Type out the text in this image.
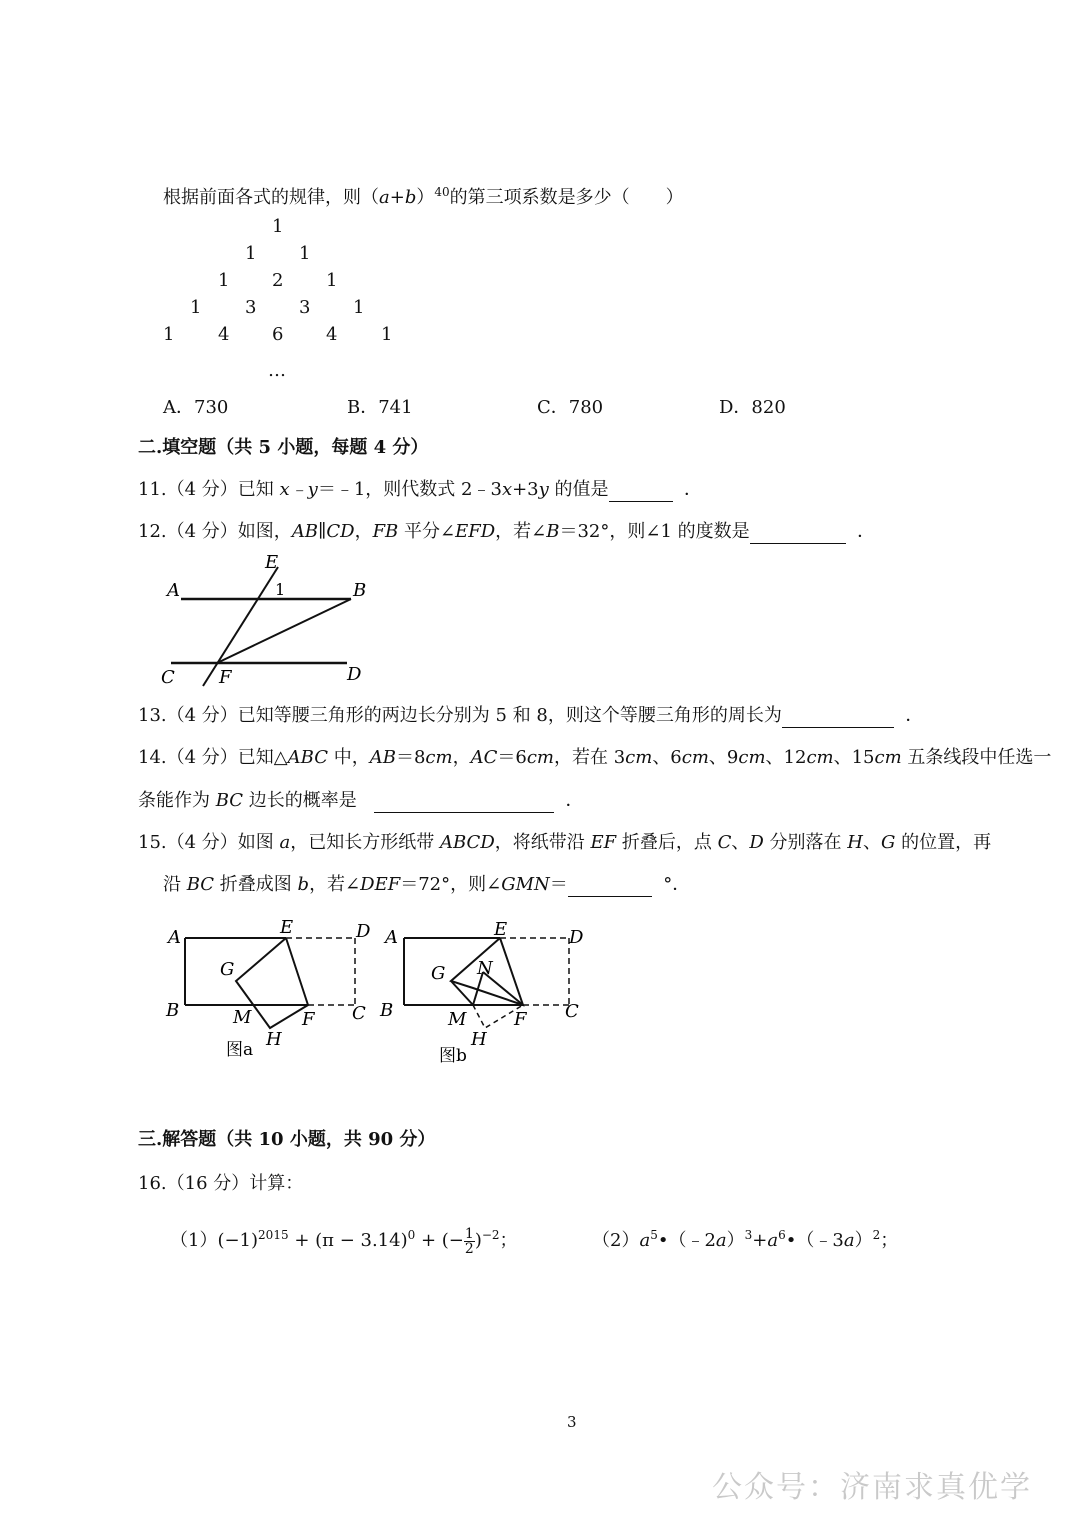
根据前面各式的规律，则$(a+b)^{40}$的第三项系数是多少（　　）
1
1 1
1 2 1
1 3 3 1
1 4 6 4 1
…
A．730	B．741	C．780	D．820
二.填空题（共 5 小题，每题 4 分）
11.（4 分）已知 x﹣y＝﹣1，则代数式 2﹣3x+3y 的值是	．
12.（4 分）如图，AB∥CD，FB 平分∠EFD，若∠B＝32°，则∠1 的度数是	．
A	B
C	D
E
F
1
13.（4 分）已知等腰三角形的两边长分别为 5 和 8，则这个等腰三角形的周长为	．
14.（4 分）已知△ABC 中，AB＝8cm，AC＝6cm，若在 3cm、6cm、9cm、12cm、15cm 五条线段中任选一
条能作为 BC 边长的概率是	．
15.（4 分）如图 a，已知长方形纸带 ABCD，将纸带沿 EF 折叠后，点 C、D 分别落在 H、G 的位置，再
沿 BC 折叠成图 b，若∠DEF＝72°，则∠GMN＝	°．
A
B	C
D
E
F
G
H
M
图a
A
B	C
D
E
F
G
H
M
N
图b
三.解答题（共 10 小题，共 90 分）
16.（16 分）计算：
$(1)(-1)^{2015} + (\pi - 3.14)^0$ + (− $\frac{1}{2} )^{-2}$；	$(2)a^5•(﹣2a)^3+a^6•(﹣3a)^2$；
3
公众号：济南求真优学
